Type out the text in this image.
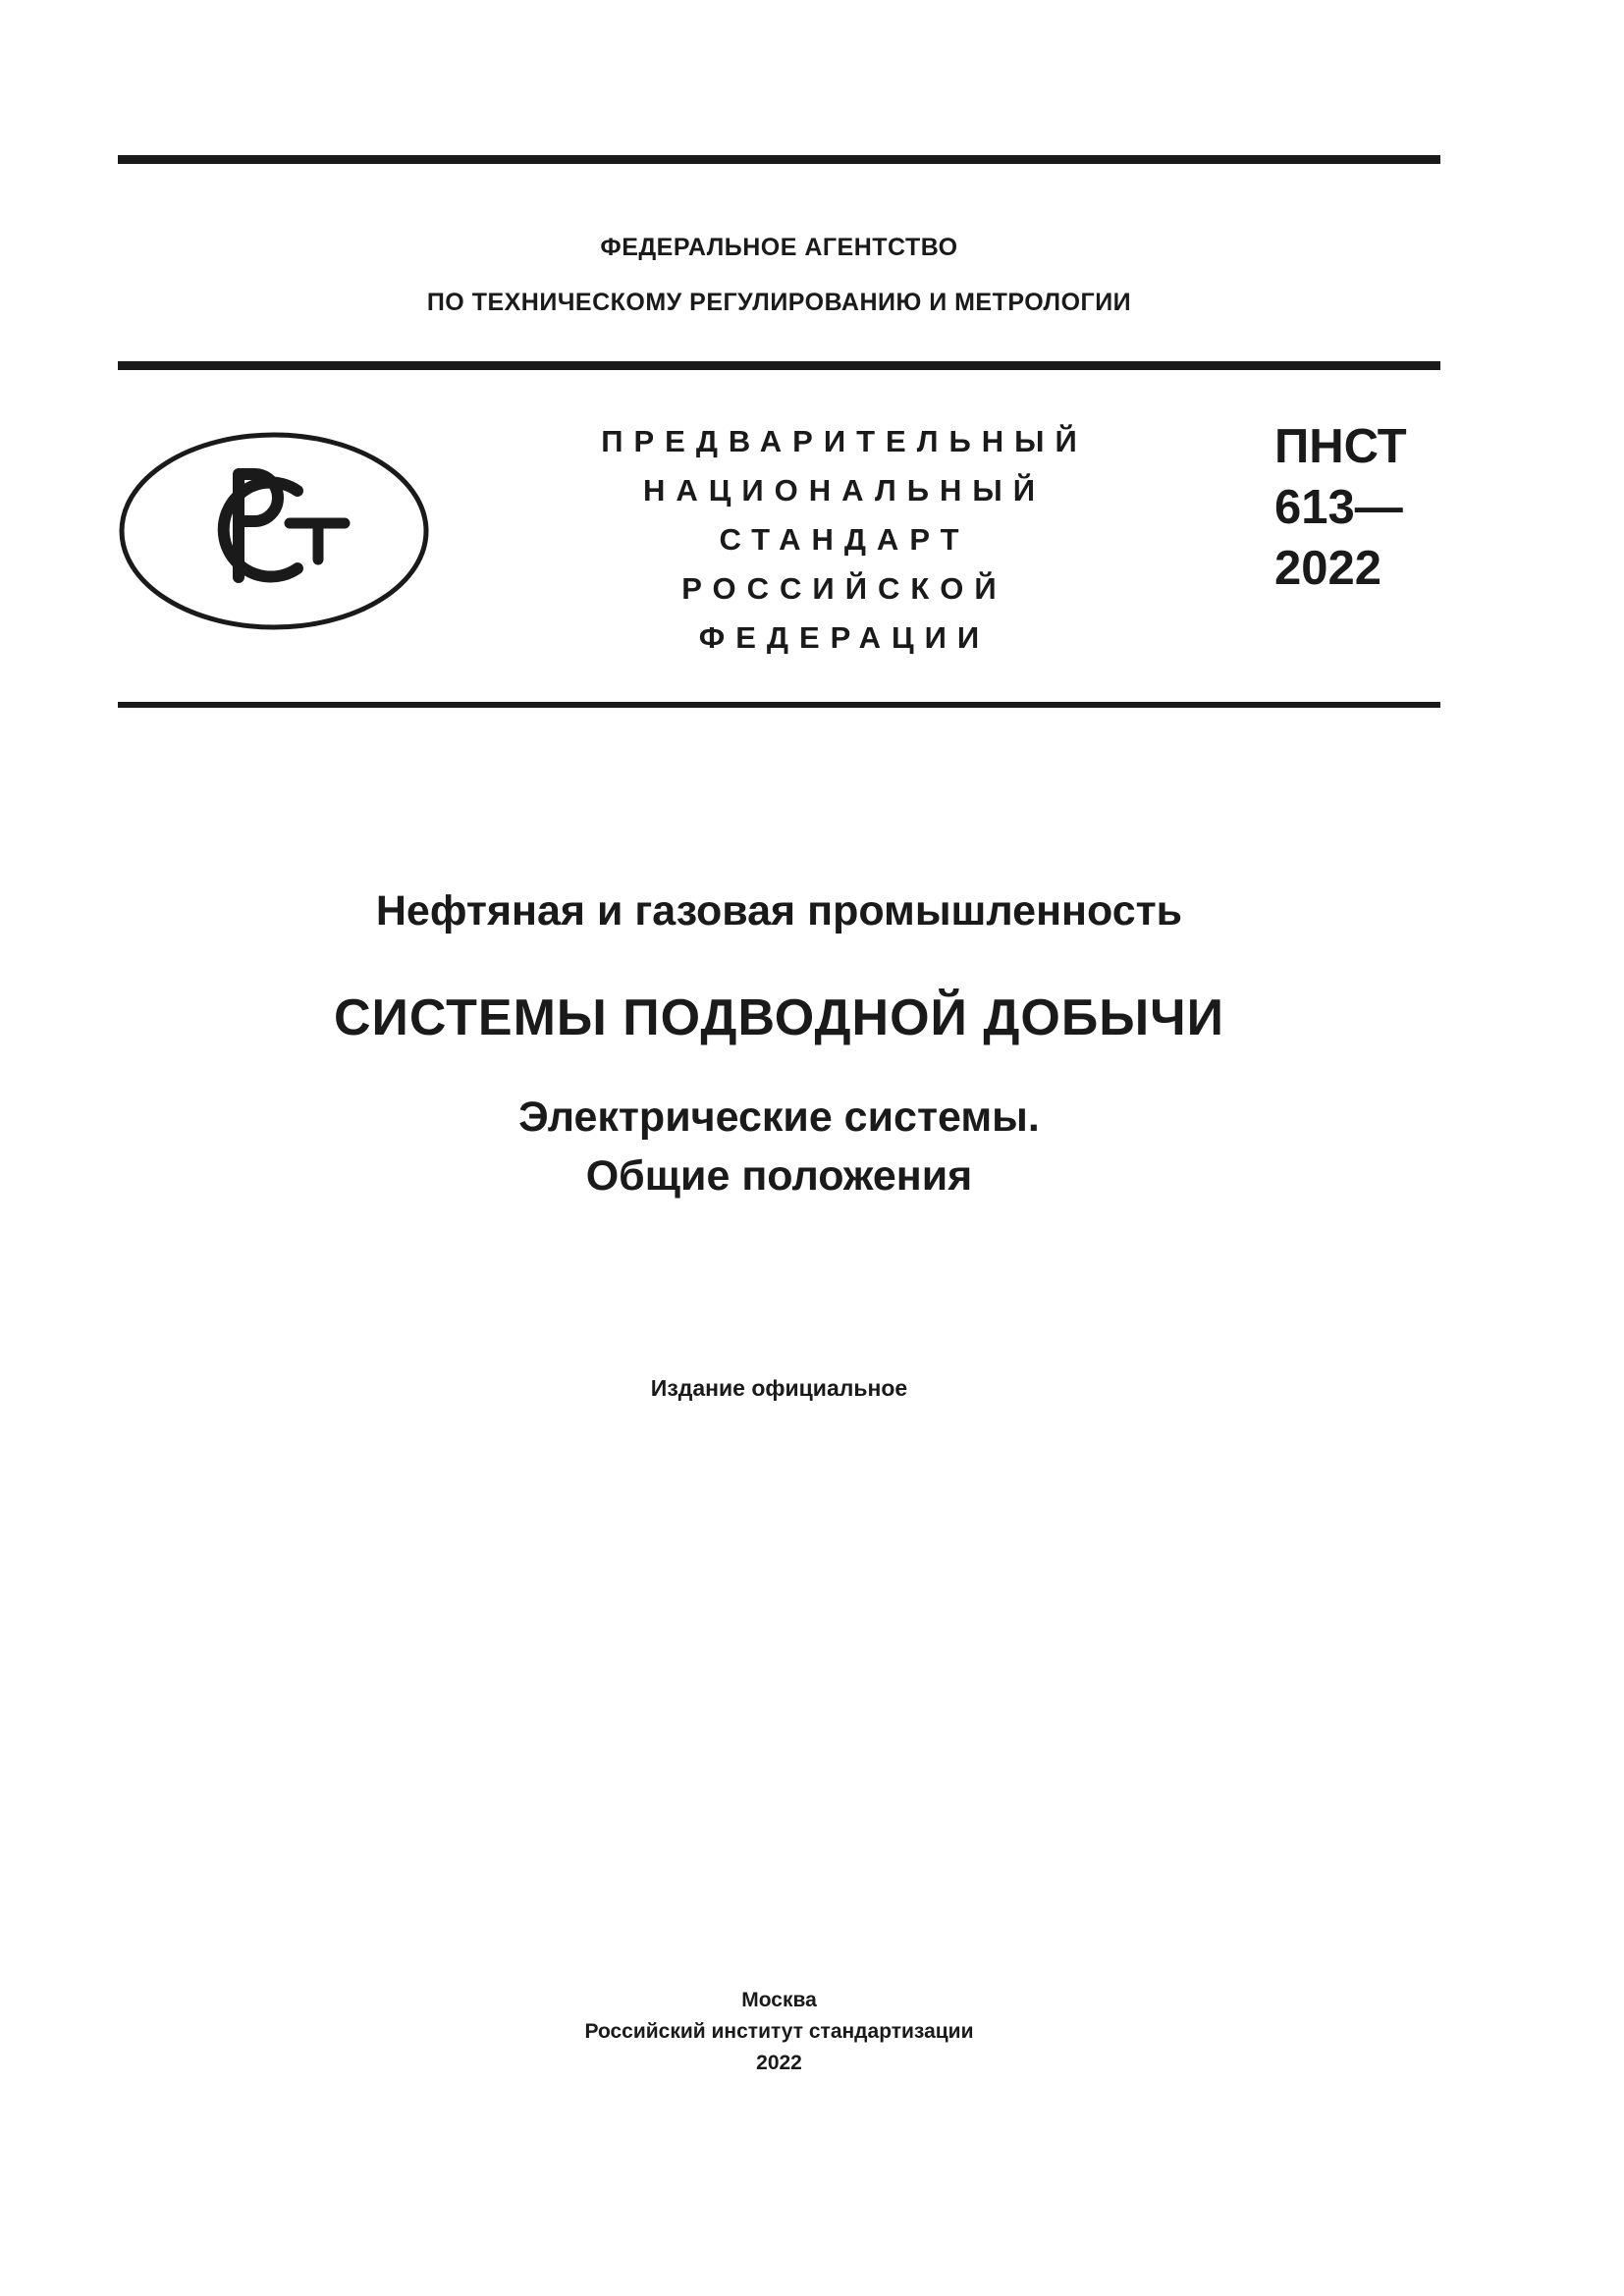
ФЕДЕРАЛЬНОЕ АГЕНТСТВО
ПО ТЕХНИЧЕСКОМУ РЕГУЛИРОВАНИЮ И МЕТРОЛОГИИ
ПРЕДВАРИТЕЛЬНЫЙ
НАЦИОНАЛЬНЫЙ
СТАНДАРТ
РОССИЙСКОЙ
ФЕДЕРАЦИИ
ПНСТ
613—
2022
Нефтяная и газовая промышленность
СИСТЕМЫ ПОДВОДНОЙ ДОБЫЧИ
Электрические системы.
Общие положения
Издание официальное
Москва
Российский институт стандартизации
2022
